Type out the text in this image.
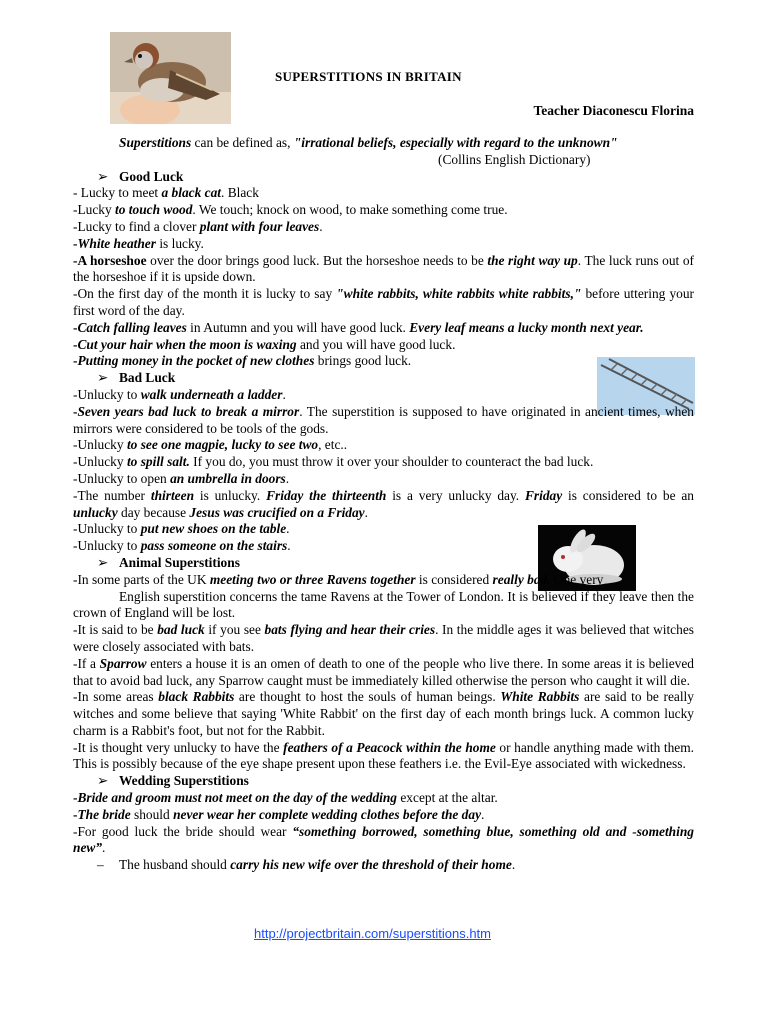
SUPERSTITIONS IN BRITAIN
Teacher Diaconescu Florina

Superstitions can be defined as, "irrational beliefs, especially with regard to the unknown"

(Collins English Dictionary)

➢ Good Luck

- Lucky to meet a black cat. Black

-Lucky to touch wood. We touch; knock on wood, to make something come true.

-Lucky to find a clover plant with four leaves.

-White heather is lucky.

-A horseshoe over the door brings good luck. But the horseshoe needs to be the right way up. The luck runs out of the horseshoe if it is upside down.

-On the first day of the month it is lucky to say "white rabbits, white rabbits white rabbits," before uttering your first word of the day.

-Catch falling leaves in Autumn and you will have good luck. Every leaf means a lucky month next year.

-Cut your hair when the moon is waxing and you will have good luck.

-Putting money in the pocket of new clothes brings good luck.

➢ Bad Luck

-Unlucky to walk underneath a ladder.

-Seven years bad luck to break a mirror. The superstition is supposed to have originated in ancient times, when mirrors were considered to be tools of the gods.

-Unlucky to see one magpie, lucky to see two, etc..

-Unlucky to spill salt. If you do, you must throw it over your shoulder to counteract the bad luck.

-Unlucky to open an umbrella in doors.

-The number thirteen is unlucky. Friday the thirteenth is a very unlucky day. Friday is considered to be an unlucky day because Jesus was crucified on a Friday.

-Unlucky to put new shoes on the table.

-Unlucky to pass someone on the stairs.

➢ Animal Superstitions

-In some parts of the UK meeting two or three Ravens together is considered really bad. One very

English superstition concerns the tame Ravens at the Tower of London. It is believed if they leave then the crown of England will be lost.

-It is said to be bad luck if you see bats flying and hear their cries. In the middle ages it was believed that witches were closely associated with bats.

-If a Sparrow enters a house it is an omen of death to one of the people who live there. In some areas it is believed that to avoid bad luck, any Sparrow caught must be immediately killed otherwise the person who caught it will die.

-In some areas black Rabbits are thought to host the souls of human beings. White Rabbits are said to be really witches and some believe that saying 'White Rabbit' on the first day of each month brings luck. A common lucky charm is a Rabbit's foot, but not for the Rabbit.

-It is thought very unlucky to have the feathers of a Peacock within the home or handle anything made with them. This is possibly because of the eye shape present upon these feathers i.e. the Evil-Eye associated with wickedness.

➢ Wedding Superstitions

-Bride and groom must not meet on the day of the wedding except at the altar.

-The bride should never wear her complete wedding clothes before the day.

-For good luck the bride should wear “something borrowed, something blue, something old and -something new”.

– The husband should carry his new wife over the threshold of their home.

http://projectbritain.com/superstitions.htm
